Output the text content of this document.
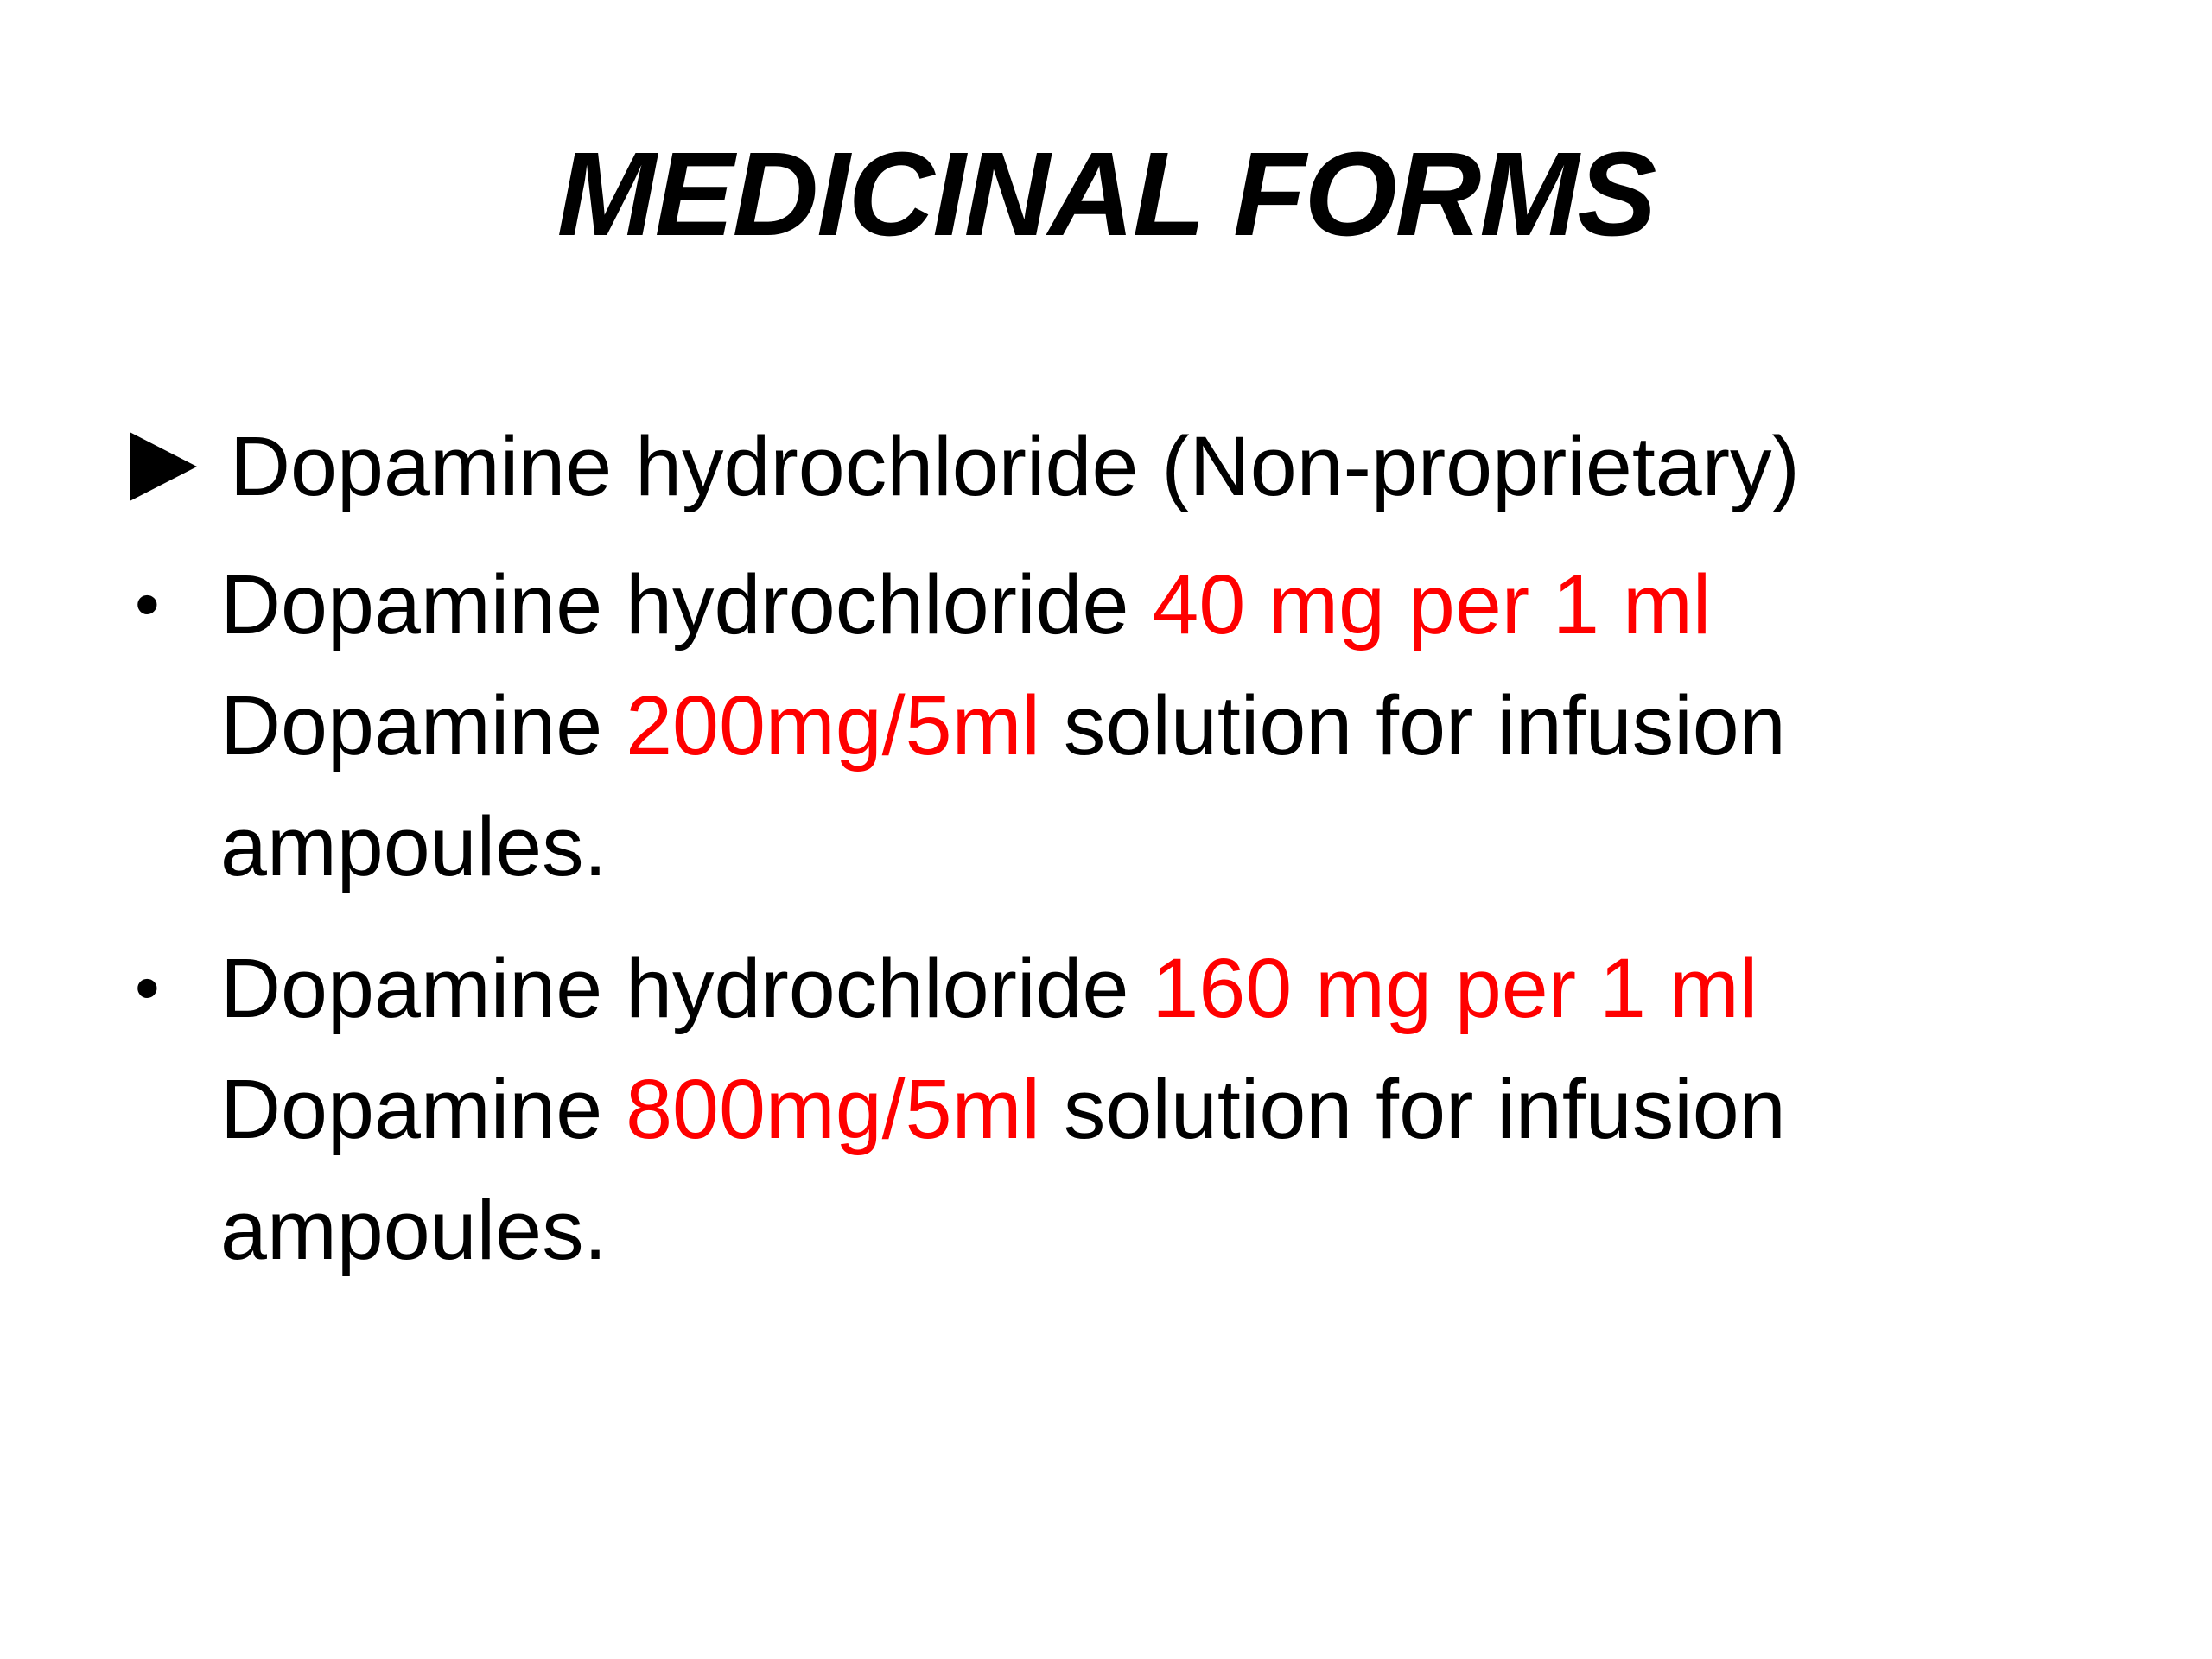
MEDICINAL FORMS
Dopamine hydrochloride (Non-proprietary)
• Dopamine hydrochloride 40 mg per 1 ml
Dopamine 200mg/5ml solution for infusion
ampoules.
• Dopamine hydrochloride 160 mg per 1 ml
Dopamine 800mg/5ml solution for infusion
ampoules.
